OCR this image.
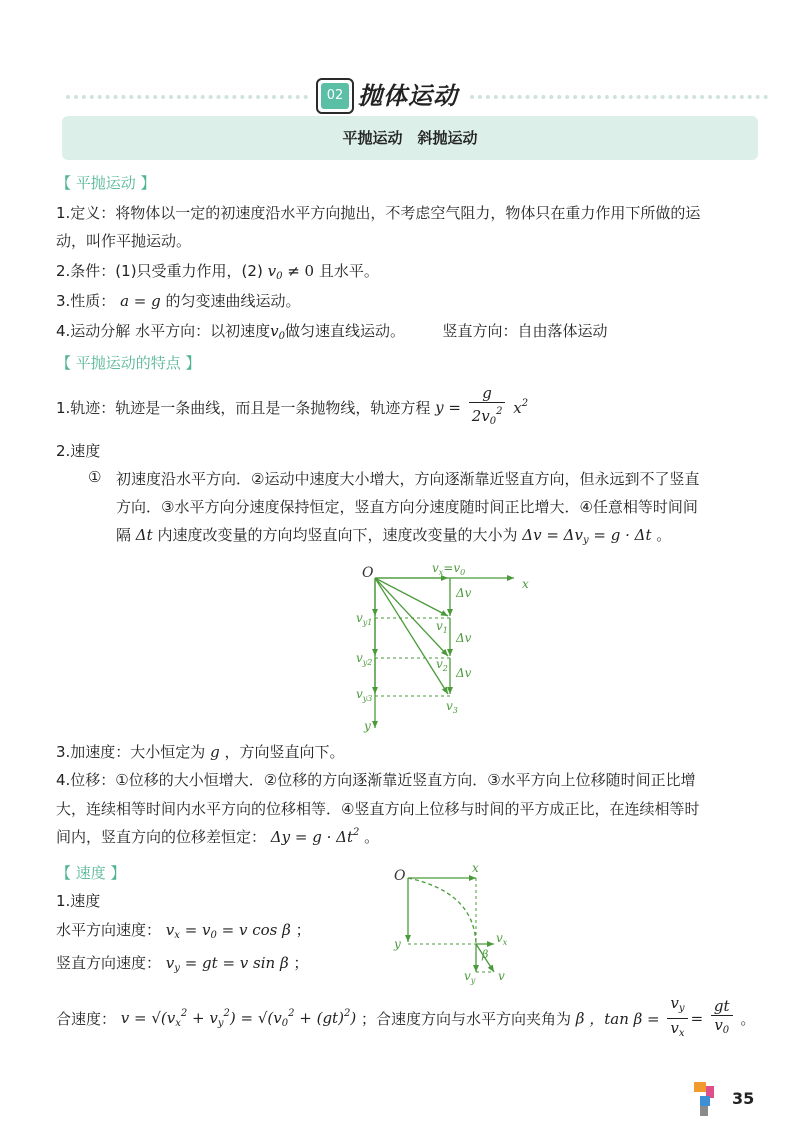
02 抛体运动
平抛运动　斜抛运动
【 平抛运动 】
1.定义：将物体以一定的初速度沿水平方向抛出，不考虑空气阻力，物体只在重力作用下所做的运
动，叫作平抛运动。
2.条件：(1)只受重力作用，(2) $v_0 \ne 0$ 且水平。
3.性质： a = g 的匀变速曲线运动。
4.运动分解 水平方向：以初速度$v_0$做匀速直线运动。	竖直方向：自由落体运动
【 平抛运动的特点 】
1.轨迹：轨迹是一条曲线，而且是一条抛物线，轨迹方程 $y = \frac{g}{2v_0^2} x^2$
2.速度
① 初速度沿水平方向．②运动中速度大小增大，方向逐渐靠近竖直方向，但永远到不了竖直
方向．③水平方向分速度保持恒定，竖直方向分速度随时间正比增大．④任意相等时间间
隔 Δt 内速度改变量的方向均竖直向下，速度改变量的大小为 $\Delta v = \Delta v_y = g \cdot \Delta t$ 。
O
x
y
$v_x=v_0$
Δv
Δv
Δv
$v_1$
$v_2$
$v_3$
$v_{y1}$
$v_{y2}$
$v_{y3}$
3.加速度：大小恒定为 g ，方向竖直向下。
4.位移：①位移的大小恒增大．②位移的方向逐渐靠近竖直方向．③水平方向上位移随时间正比增
大，连续相等时间内水平方向的位移相等．④竖直方向上位移与时间的平方成正比，在连续相等时
间内，竖直方向的位移差恒定： $\Delta y = g \cdot \Delta t^2$ 。
【 速度 】
1.速度
水平方向速度： $v_x = v_0 = v$ cos β ；
竖直方向速度： $v_y$ = gt = v sin β ；
合速度： $v = √(v_x^2 + v_y^2) = √(v_0^2 + (gt)^2)$ ；合速度方向与水平方向夹角为 β ，$\tan \beta = \frac{v_y}{v_x} = \frac{gt}{v_0}$ 。
O	x
y	$v_x$
$v_y$ v
β
35
